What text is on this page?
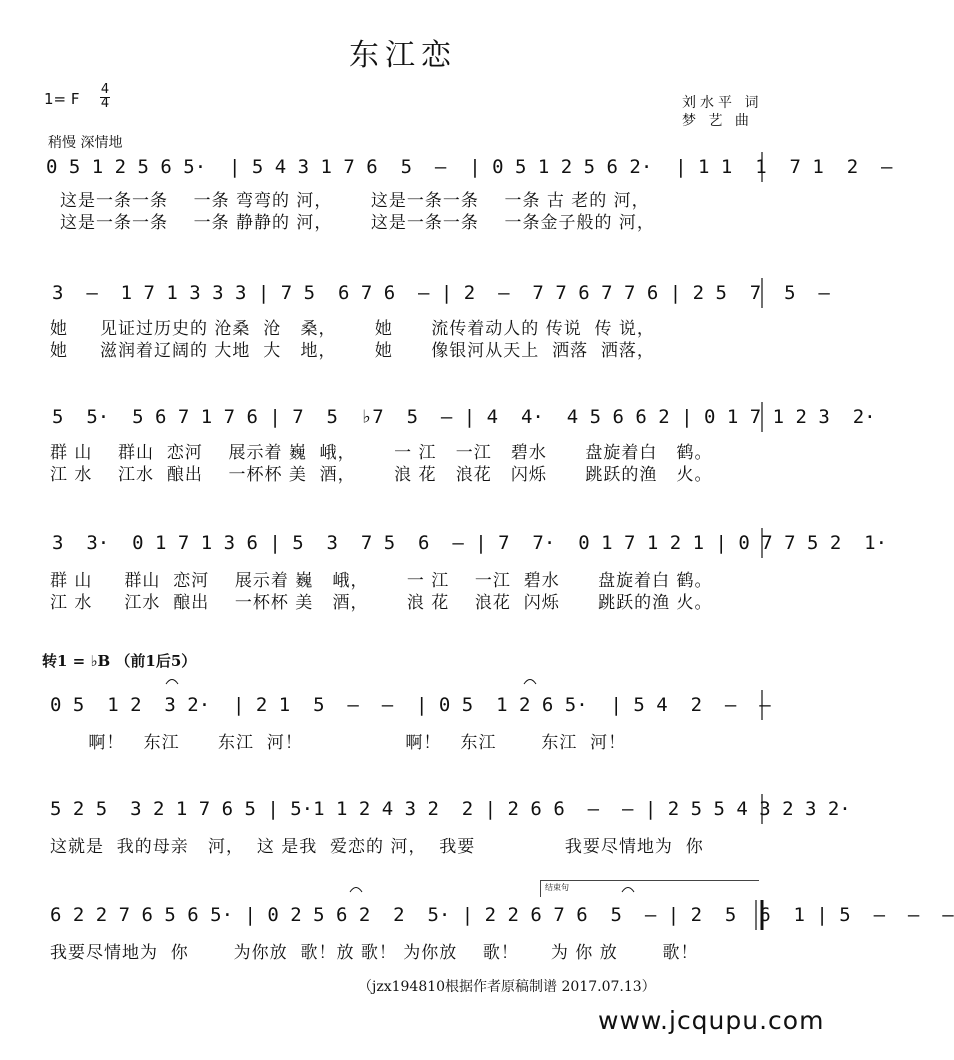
东江恋
1= F
4
4	刘水平 词
梦 艺 曲
稍慢 深情地
0 5 1 2 5 6 5·  | 5 4 3 1 7 6  5  —  | 0 5 1 2 5 6 2·  | 1 1  1  7 1  2  —
这是一条一条    一条 弯弯的 河，      这是一条一条    一条 古 老的 河，
这是一条一条    一条 静静的 河，      这是一条一条    一条金子般的 河，
3  —  1 7 1 3 3 3 | 7 5  6 7 6  — | 2  —  7 7 6 7 7 6 | 2 5  7  5  —
她     见证过历史的 沧桑  沧   桑，      她      流传着动人的 传说  传 说，
她     滋润着辽阔的 大地  大   地，      她      像银河从天上  洒落  洒落，
5  5·  5 6 7 1 7 6 | 7  5  ♭7  5  — | 4  4·  4 5 6 6 2 | 0 1 7 1 2 3  2·
群 山    群山  恋河    展示着 巍  峨，      一 江   一江   碧水      盘旋着白   鹤。
江 水    江水  酿出    一杯杯 美  酒，      浪 花   浪花   闪烁      跳跃的渔   火。
3  3·  0 1 7 1 3 6 | 5  3  7 5  6  — | 7  7·  0 1 7 1 2 1 | 0 7 7 5 2  1·
群 山     群山  恋河    展示着 巍   峨，      一 江    一江  碧水      盘旋着白 鹤。
江 水     江水  酿出    一杯杯 美   酒，      浪 花    浪花  闪烁      跳跃的渔 火。
转1 = ♭B （前1后5）
0 5  1 2  3 2·  | 2 1  5  —  —  | 0 5  1 2 6 5·  | 5 4  2  —  —
啊！   东江      东江  河！                啊！   东江       东江  河！
5 2 5  3 2 1 7 6 5 | 5·1 1 2 4 3 2  2 | 2 6 6  —  — | 2 5 5 4 3 2 3 2·
这就是  我的母亲   河，  这 是我  爱恋的 河，  我要              我要尽情地为  你
结束句
6 2 2 7 6 5 6 5· | 0 2 5 6 2  2  5· | 2 2 6 7 6  5  — | 2  5  6  1 | 5  —  —  —
我要尽情地为  你       为你放  歌！放 歌！ 为你放    歌！     为 你 放       歌！
（jzx194810根据作者原稿制谱 2017.07.13）
www.jcqupu.com
